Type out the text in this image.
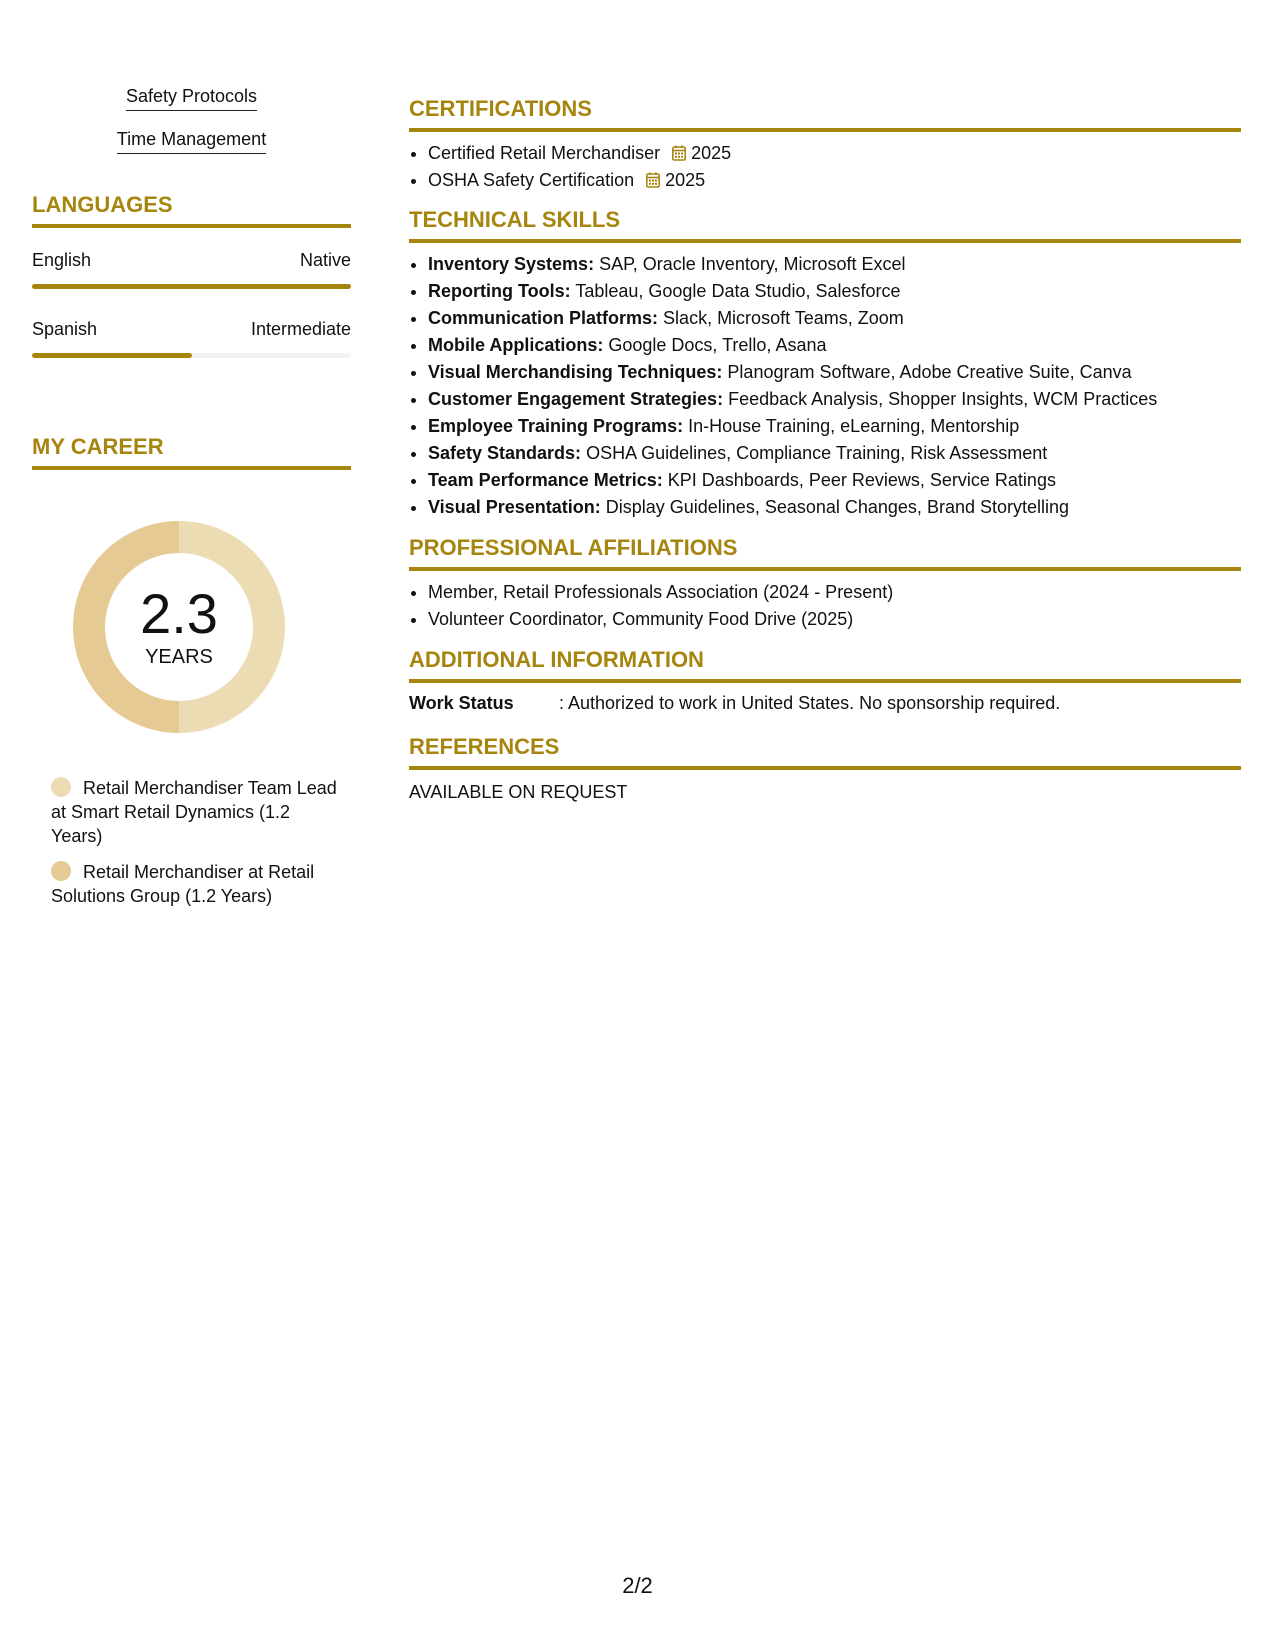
Safety Protocols
Time Management
LANGUAGES
English	Native
Spanish	Intermediate
MY CAREER
2.3
YEARS
Retail Merchandiser Team Lead at Smart Retail Dynamics (1.2 Years)
Retail Merchandiser at Retail Solutions Group (1.2 Years)
CERTIFICATIONS
• Certified Retail Merchandiser 2025
• OSHA Safety Certification 2025
TECHNICAL SKILLS
• Inventory Systems: SAP, Oracle Inventory, Microsoft Excel
• Reporting Tools: Tableau, Google Data Studio, Salesforce
• Communication Platforms: Slack, Microsoft Teams, Zoom
• Mobile Applications: Google Docs, Trello, Asana
• Visual Merchandising Techniques: Planogram Software, Adobe Creative Suite, Canva
• Customer Engagement Strategies: Feedback Analysis, Shopper Insights, WCM Practices
• Employee Training Programs: In-House Training, eLearning, Mentorship
• Safety Standards: OSHA Guidelines, Compliance Training, Risk Assessment
• Team Performance Metrics: KPI Dashboards, Peer Reviews, Service Ratings
• Visual Presentation: Display Guidelines, Seasonal Changes, Brand Storytelling
PROFESSIONAL AFFILIATIONS
• Member, Retail Professionals Association (2024 - Present)
• Volunteer Coordinator, Community Food Drive (2025)
ADDITIONAL INFORMATION
Work Status	: Authorized to work in United States. No sponsorship required.
REFERENCES
AVAILABLE ON REQUEST
2/2
